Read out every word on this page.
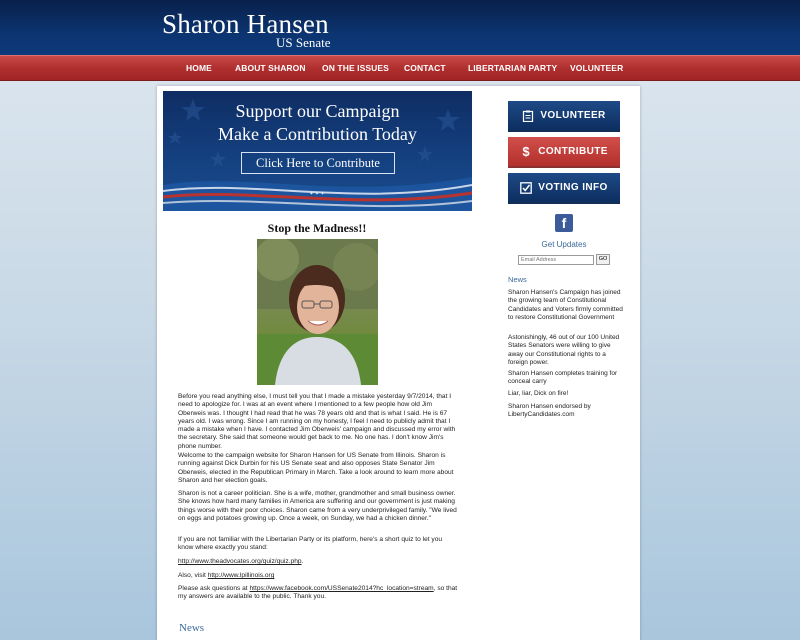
Sharon Hansen
US Senate
HOME	ABOUT SHARON ON THE ISSUES CONTACT	LIBERTARIAN PARTY VOLUNTEER
✦ ✦ ✦
Support our Campaign
Make a Contribution Today
Click Here to Contribute
VOLUNTEER
$ CONTRIBUTE
VOTING INFO
f
Get Updates
Email Address
GO
News
Sharon Hansen's Campaign has joined the growing team of Constitutional Candidates and Voters firmly committed to restore Constitutional Government
Astonishingly, 46 out of our 100 United States Senators were willing to give away our Constitutional rights to a foreign power.
Sharon Hansen completes training for conceal carry
Liar, liar, Dick on fire!
Sharon Hansen endorsed by LibertyCandidates.com
Stop the Madness!!
Before you read anything else, I must tell you that I made a mistake yesterday 9/7/2014, that I need to apologize for. I was at an event where I mentioned to a few people how old Jim Oberweis was. I thought I had read that he was 78 years old and that is what I said. He is 67 years old. I was wrong. Since I am running on my honesty, I feel I need to publicly admit that I made a mistake when I have. I contacted Jim Oberweis' campaign and discussed my error with the secretary. She said that someone would get back to me. No one has. I don't know Jim's phone number.
Welcome to the campaign website for Sharon Hansen for US Senate from Illinois. Sharon is running against Dick Durbin for his US Senate seat and also opposes State Senator Jim Oberweis, elected in the Republican Primary in March. Take a look around to learn more about Sharon and her election goals.
Sharon is not a career politician. She is a wife, mother, grandmother and small business owner. She knows how hard many families in America are suffering and our government is just making things worse with their poor choices. Sharon came from a very underprivileged family. "We lived on eggs and potatoes growing up. Once a week, on Sunday, we had a chicken dinner."
If you are not familiar with the Libertarian Party or its platform, here's a short quiz to let you know where exactly you stand:
http://www.theadvocates.org/quiz/quiz.php.
Also, visit http://www.lpillinois.org
Please ask questions at https://www.facebook.com/USSenate2014?hc_location=stream, so that my answers are available to the public. Thank you.
News
